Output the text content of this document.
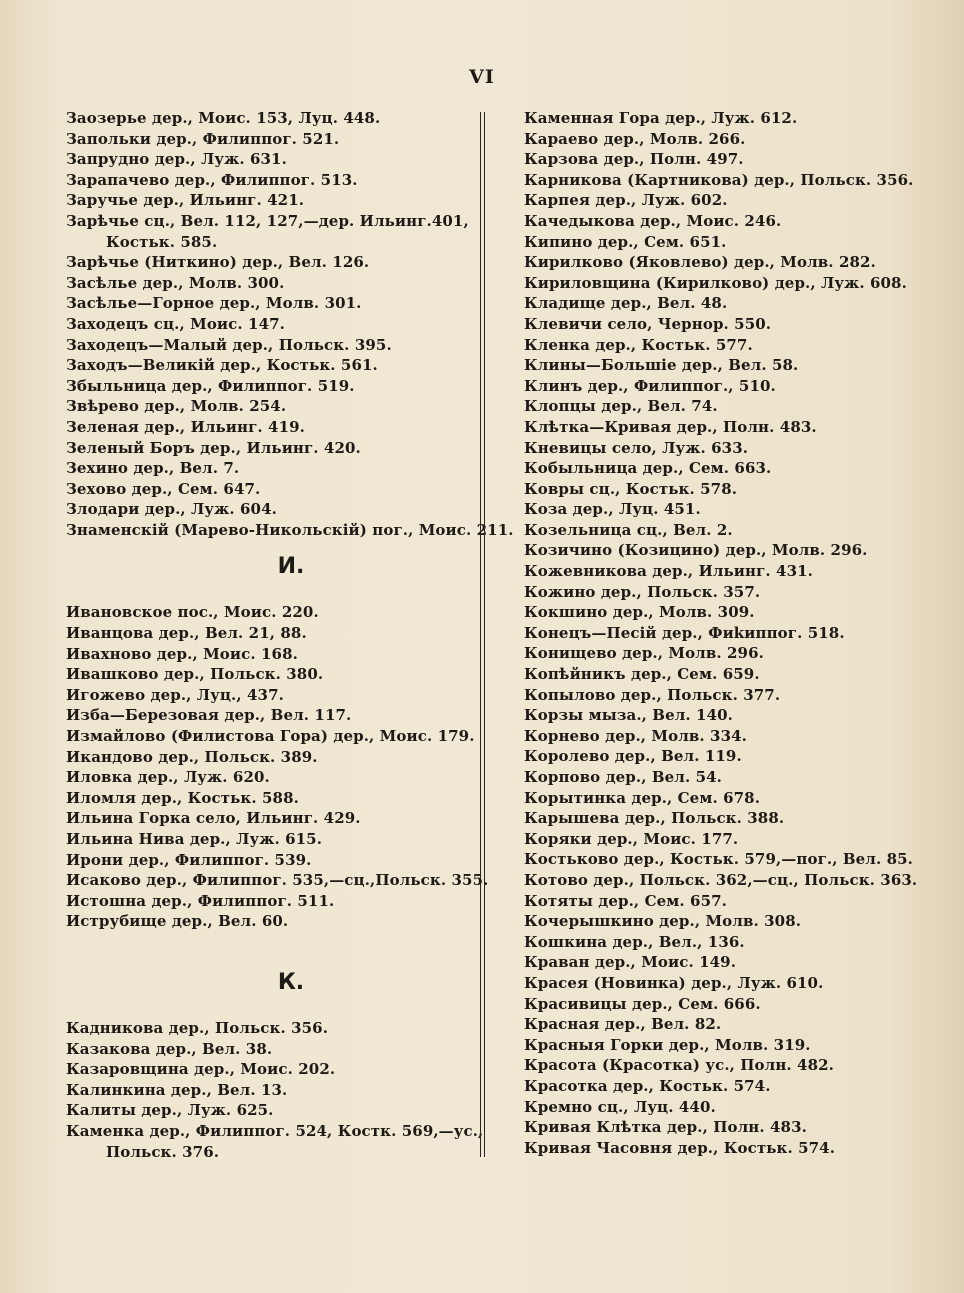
VI
Заозерье дер., Моис. 153, Луц. 448.
Запольки дер., Филиппог. 521.
Запрудно дер., Луж. 631.
Зарапачево дер., Филиппог. 513.
Заручье дер., Ильинг. 421.
Зарѣчье сц., Вел. 112, 127,—дер. Ильинг.401,
Костьк. 585.
Зарѣчье (Ниткино) дер., Вел. 126.
Засѣлье дер., Молв. 300.
Засѣлье—Горное дер., Молв. 301.
Заходецъ сц., Моис. 147.
Заходецъ—Малый дер., Польск. 395.
Заходъ—Великiй дер., Костьк. 561.
Збыльница дер., Филиппог. 519.
Звѣрево дер., Молв. 254.
Зеленая дер., Ильинг. 419.
Зеленый Боръ дер., Ильинг. 420.
Зехино дер., Вел. 7.
Зехово дер., Сем. 647.
Злодари дер., Луж. 604.
Знаменскiй (Марево-Никольскiй) пог., Моис. 211.
И.
Ивановское пос., Моис. 220.
Иванцова дер., Вел. 21, 88.
Ивахново дер., Моис. 168.
Ивашково дер., Польск. 380.
Игожево дер., Луц., 437.
Изба—Березовая дер., Вел. 117.
Измайлово (Филистова Гора) дер., Моис. 179.
Икандово дер., Польск. 389.
Иловка дер., Луж. 620.
Иломля дер., Костьк. 588.
Ильина Горка село, Ильинг. 429.
Ильина Нива дер., Луж. 615.
Ирони дер., Филиппог. 539.
Исаково дер., Филиппог. 535,—сц.,Польск. 355.
Истошна дер., Филиппог. 511.
Иструбище дер., Вел. 60.
К.
Кадникова дер., Польск. 356.
Казакова дер., Вел. 38.
Казаровщина дер., Моис. 202.
Калинкина дер., Вел. 13.
Калиты дер., Луж. 625.
Каменка дер., Филиппог. 524, Костк. 569,—ус.,
Польск. 376.
Каменная Гора дер., Луж. 612.
Караево дер., Молв. 266.
Карзова дер., Полн. 497.
Карникова (Картникова) дер., Польск. 356.
Карпея дер., Луж. 602.
Качедыкова дер., Моис. 246.
Кипино дер., Сем. 651.
Кирилково (Яковлево) дер., Молв. 282.
Кириловщина (Кирилково) дер., Луж. 608.
Кладище дер., Вел. 48.
Клевичи село, Чернор. 550.
Кленка дер., Костьк. 577.
Клины—Большiе дер., Вел. 58.
Клинъ дер., Филиппог., 510.
Клопцы дер., Вел. 74.
Клѣтка—Кривая дер., Полн. 483.
Кневицы село, Луж. 633.
Кобыльница дер., Сем. 663.
Ковры сц., Костьк. 578.
Коза дер., Луц. 451.
Козельница сц., Вел. 2.
Козичино (Козицино) дер., Молв. 296.
Кожевникова дер., Ильинг. 431.
Кожино дер., Польск. 357.
Кокшино дер., Молв. 309.
Конецъ—Песiй дер., Фиkиппог. 518.
Конищево дер., Молв. 296.
Копѣйникъ дер., Сем. 659.
Копылово дер., Польск. 377.
Корзы мыза., Вел. 140.
Корнево дер., Молв. 334.
Королево дер., Вел. 119.
Корпово дер., Вел. 54.
Корытинка дер., Сем. 678.
Карышева дер., Польск. 388.
Коряки дер., Моис. 177.
Костьково дер., Костьк. 579,—пог., Вел. 85.
Котово дер., Польск. 362,—сц., Польск. 363.
Котяты дер., Сем. 657.
Кочерышкино дер., Молв. 308.
Кошкина дер., Вел., 136.
Краван дер., Моис. 149.
Красея (Новинка) дер., Луж. 610.
Красивицы дер., Сем. 666.
Красная дер., Вел. 82.
Красныя Горки дер., Молв. 319.
Красота (Красотка) ус., Полн. 482.
Красотка дер., Костьк. 574.
Кремно сц., Луц. 440.
Кривая Клѣтка дер., Полн. 483.
Кривая Часовня дер., Костьк. 574.
